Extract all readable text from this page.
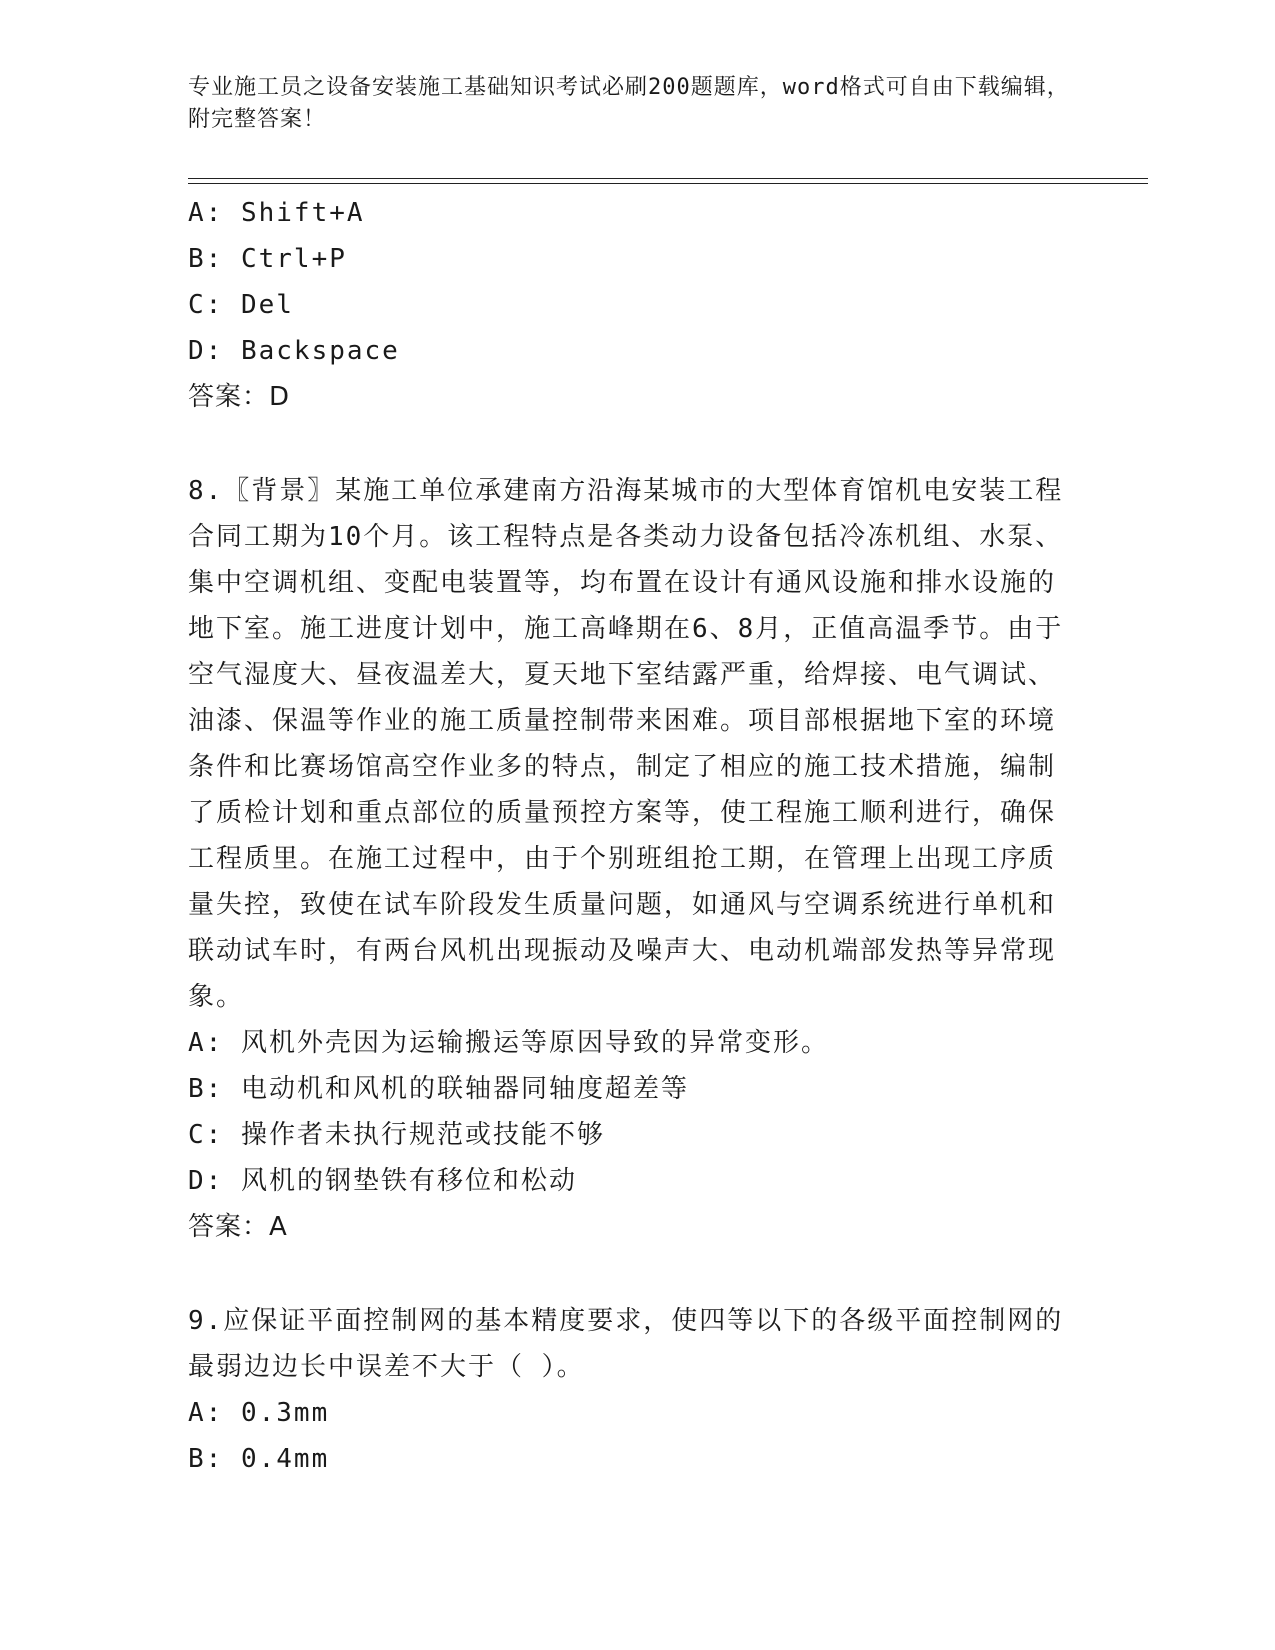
专业施工员之设备安装施工基础知识考试必刷200题题库，word格式可自由下载编辑，附完整答案！
A: Shift+A
B: Ctrl+P
C: Del
D: Backspace
答案：D
8.〖背景〗某施工单位承建南方沿海某城市的大型体育馆机电安装工程合同工期为10个月。该工程特点是各类动力设备包括冷冻机组、水泵、集中空调机组、变配电装置等，均布置在设计有通风设施和排水设施的地下室。施工进度计划中，施工高峰期在6、8月，正值高温季节。由于空气湿度大、昼夜温差大，夏天地下室结露严重，给焊接、电气调试、油漆、保温等作业的施工质量控制带来困难。项目部根据地下室的环境条件和比赛场馆高空作业多的特点，制定了相应的施工技术措施，编制了质检计划和重点部位的质量预控方案等，使工程施工顺利进行，确保工程质里。在施工过程中，由于个别班组抢工期，在管理上出现工序质量失控，致使在试车阶段发生质量问题，如通风与空调系统进行单机和联动试车时，有两台风机出现振动及噪声大、电动机端部发热等异常现象。
A: 风机外壳因为运输搬运等原因导致的异常变形。
B: 电动机和风机的联轴器同轴度超差等
C: 操作者未执行规范或技能不够
D: 风机的钢垫铁有移位和松动
答案：A
9.应保证平面控制网的基本精度要求，使四等以下的各级平面控制网的最弱边边长中误差不大于（ ）。
A: 0.3mm
B: 0.4mm
